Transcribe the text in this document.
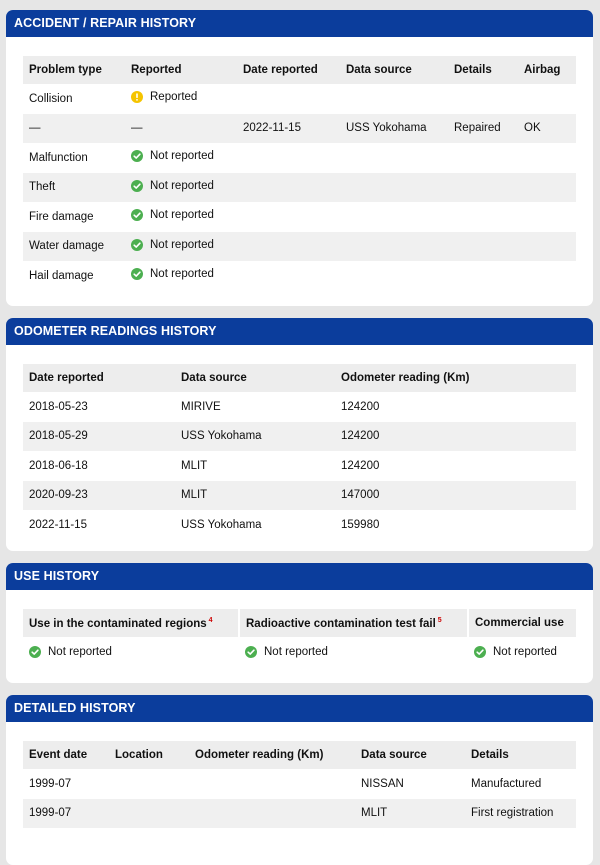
ACCIDENT / REPAIR HISTORY
Problem type	Reported	Date reported	Data source	Details	Airbag
Collision	Reported				

—	—	2022-11-15	USS Yokohama	Repaired	OK
Malfunction	Not reported				

Theft	Not reported				

Fire damage	Not reported				

Water damage	Not reported				

Hail damage	Not reported				

ODOMETER READINGS HISTORY
Date reported	Data source	Odometer reading (Km)
2018-05-23	MIRIVE	124200
2018-05-29	USS Yokohama	124200
2018-06-18	MLIT	124200
2020-09-23	MLIT	147000
2022-11-15	USS Yokohama	159980
USE HISTORY
Use in the contaminated regions $^4$	Radioactive contamination test fail $^5$	Commercial use

Not reported	Not reported	Not reported
DETAILED HISTORY
Event date	Location	Odometer reading (Km)	Data source	Details
1999-07			NISSAN	Manufactured
1999-07			MLIT	First registration
